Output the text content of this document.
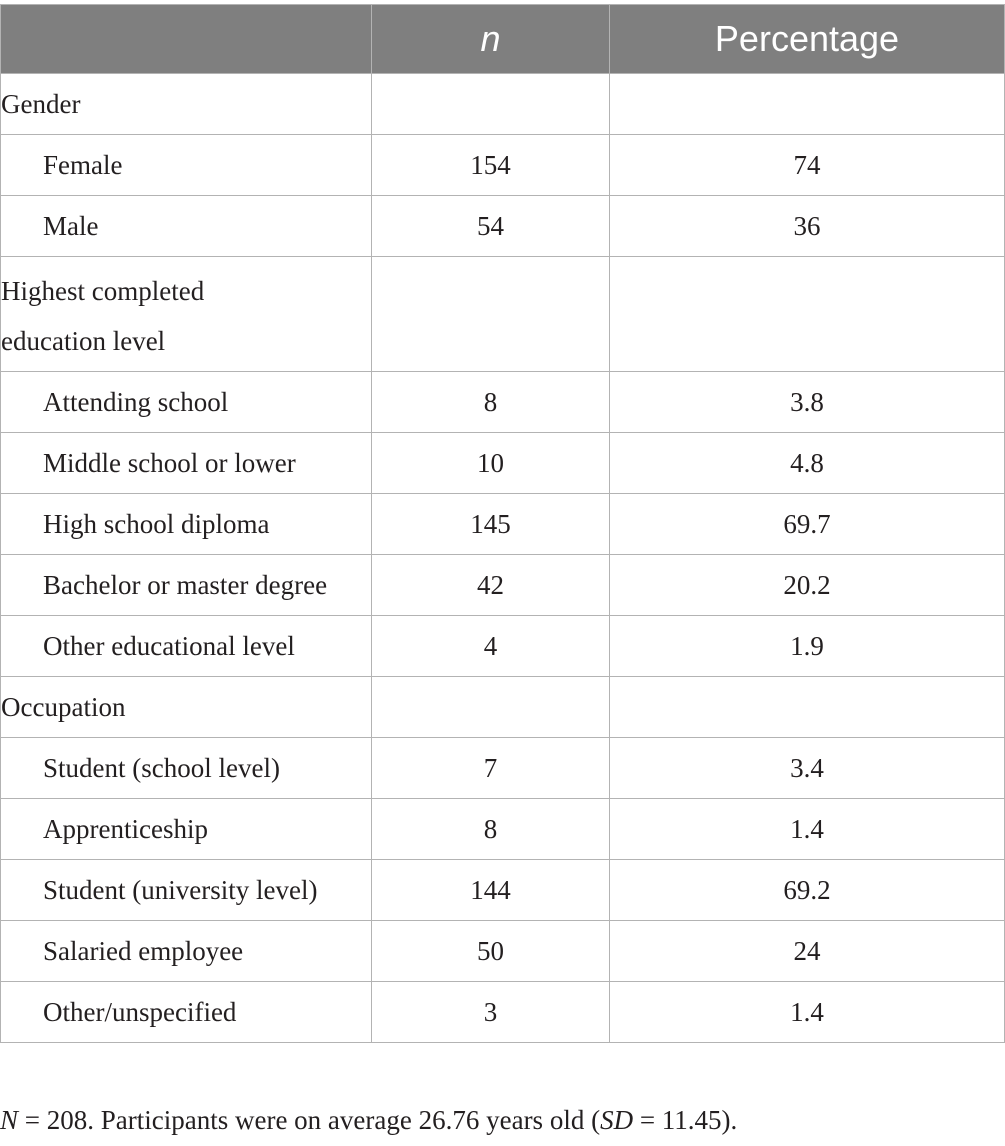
	n	Percentage
Gender		
Female	154	74
Male	54	36

Highest completed education level		

Attending school	8	3.8
Middle school or lower	10	4.8
High school diploma	145	69.7
Bachelor or master degree	42	20.2
Other educational level	4	1.9
Occupation		
Student (school level)	7	3.4
Apprenticeship	8	1.4
Student (university level)	144	69.2
Salaried employee	50	24
Other/unspecified	3	1.4
N = 208. Participants were on average 26.76 years old (SD = 11.45).
